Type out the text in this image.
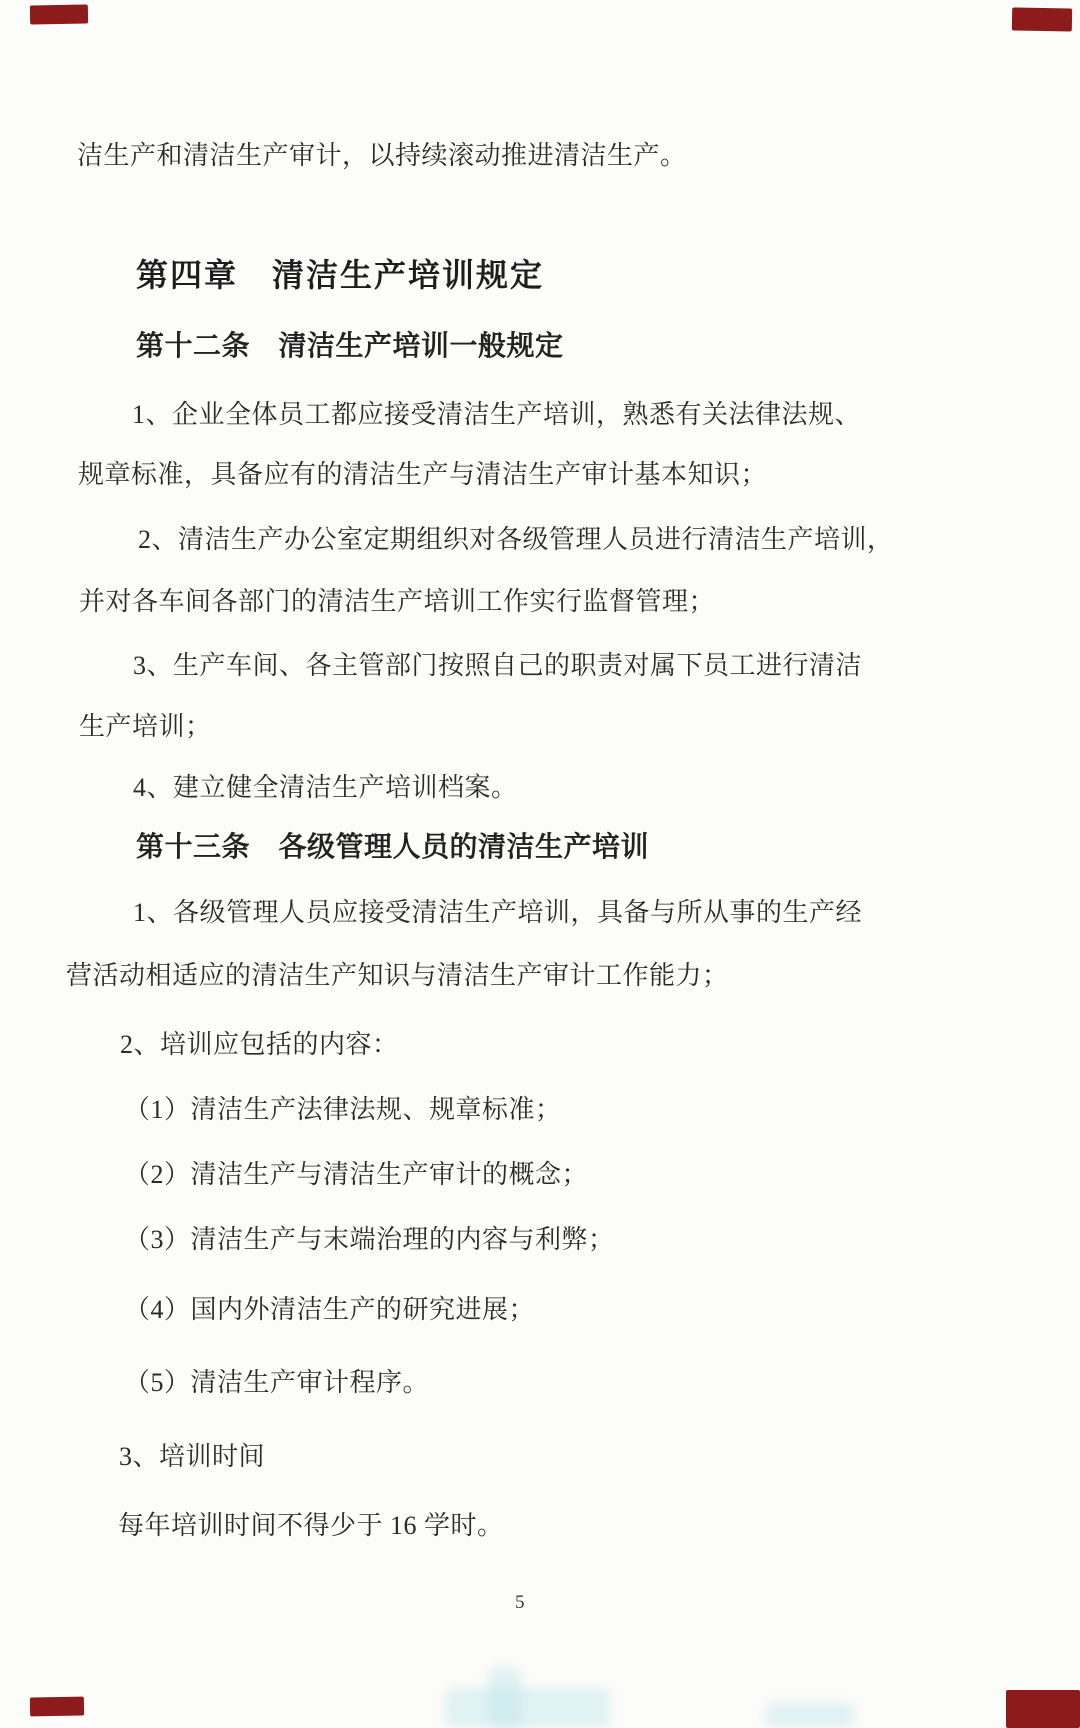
洁生产和清洁生产审计，以持续滚动推进清洁生产。

第四章　清洁生产培训规定

第十二条　清洁生产培训一般规定

1、企业全体员工都应接受清洁生产培训，熟悉有关法律法规、

规章标准，具备应有的清洁生产与清洁生产审计基本知识；

2、清洁生产办公室定期组织对各级管理人员进行清洁生产培训，

并对各车间各部门的清洁生产培训工作实行监督管理；

3、生产车间、各主管部门按照自己的职责对属下员工进行清洁

生产培训；

4、建立健全清洁生产培训档案。

第十三条　各级管理人员的清洁生产培训

1、各级管理人员应接受清洁生产培训，具备与所从事的生产经

营活动相适应的清洁生产知识与清洁生产审计工作能力；

2、培训应包括的内容：

（1）清洁生产法律法规、规章标准；

（2）清洁生产与清洁生产审计的概念；

（3）清洁生产与末端治理的内容与利弊；

（4）国内外清洁生产的研究进展；

（5）清洁生产审计程序。

3、培训时间

每年培训时间不得少于 16 学时。

5
